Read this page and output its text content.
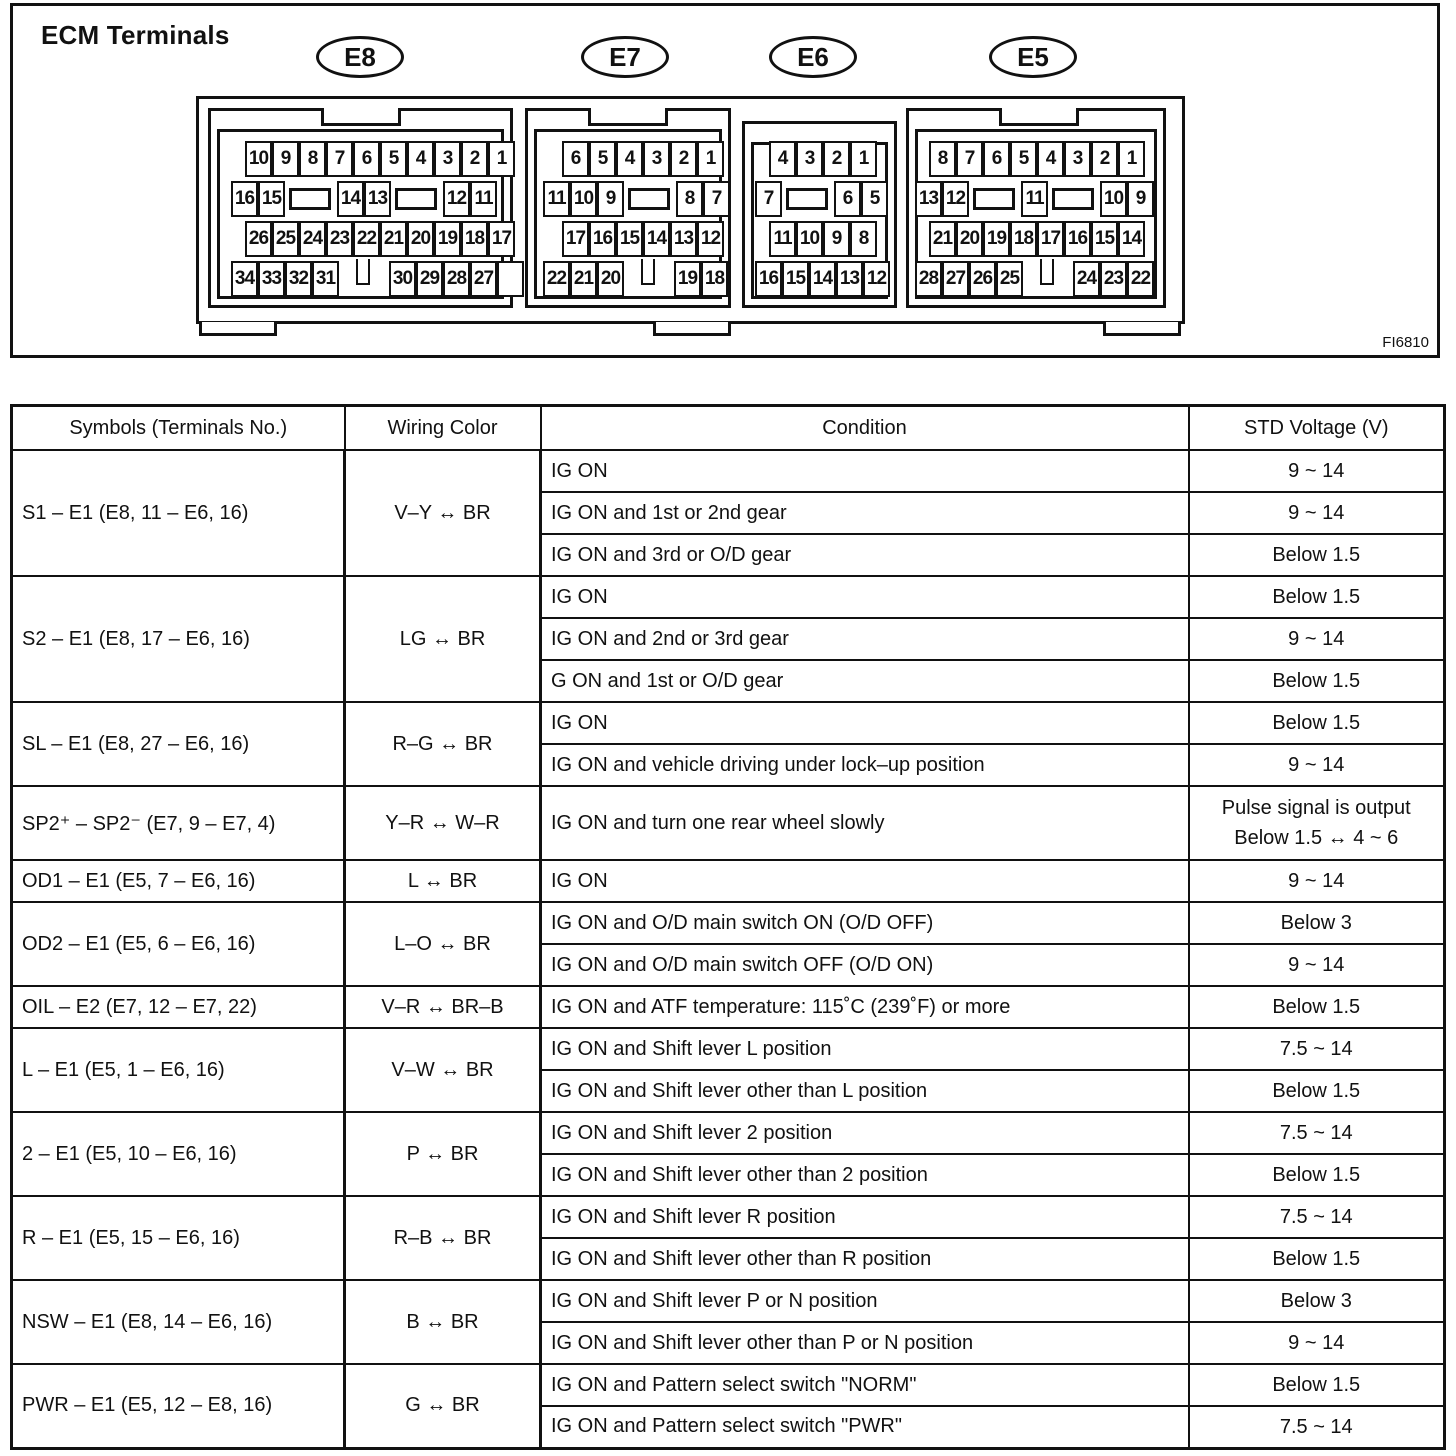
ECM Terminals
FI6810
E8	E7	E6	E5
10 9 8 7 6 5 4 3 2 1
16 15	14 13	12 11
26 25 24 23 22 21 20 19 18 17
34 33 32 31	30 29 28 27
6 5 4 3 2 1
11 10 9	8 7
17 16 15 14 13 12
22 21 20	19 18
4 3 2 1
7	6 5
11 10 9 8
16 15 14 13 12
8 7 6 5 4 3 2 1
13 12	11	10 9
21 20 19 18 17 16 15 14
28 27 26 25	24 23 22
Symbols (Terminals No.)	Wiring Color	Condition	STD Voltage (V)
S1 – E1 (E8, 11 – E6, 16)	V–Y ↔ BR	IG ON	9 ~ 14
		IG ON and 1st or 2nd gear	9 ~ 14
		IG ON and 3rd or O/D gear	Below 1.5
S2 – E1 (E8, 17 – E6, 16)	LG ↔ BR	IG ON	Below 1.5
		IG ON and 2nd or 3rd gear	9 ~ 14
		G ON and 1st or O/D gear	Below 1.5
SL – E1 (E8, 27 – E6, 16)	R–G ↔ BR	IG ON	Below 1.5
		IG ON and vehicle driving under lock–up position	9 ~ 14
SP2⁺ – SP2⁻ (E7, 9 – E7, 4)	Y–R ↔ W–R	IG ON and turn one rear wheel slowly	Pulse signal is output
Below 1.5 ↔ 4 ~ 6

OD1 – E1 (E5, 7 – E6, 16)	L ↔ BR	IG ON	9 ~ 14
OD2 – E1 (E5, 6 – E6, 16)	L–O ↔ BR	IG ON and O/D main switch ON (O/D OFF)	Below 3
		IG ON and O/D main switch OFF (O/D ON)	9 ~ 14
OIL – E2 (E7, 12 – E7, 22)	V–R ↔ BR–B	IG ON and ATF temperature: 115˚C (239˚F) or more	Below 1.5
L – E1 (E5, 1 – E6, 16)	V–W ↔ BR	IG ON and Shift lever L position	7.5 ~ 14
		IG ON and Shift lever other than L position	Below 1.5
2 – E1 (E5, 10 – E6, 16)	P ↔ BR	IG ON and Shift lever 2 position	7.5 ~ 14
		IG ON and Shift lever other than 2 position	Below 1.5
R – E1 (E5, 15 – E6, 16)	R–B ↔ BR	IG ON and Shift lever R position	7.5 ~ 14
		IG ON and Shift lever other than R position	Below 1.5
NSW – E1 (E8, 14 – E6, 16)	B ↔ BR	IG ON and Shift lever P or N position	Below 3
		IG ON and Shift lever other than P or N position	9 ~ 14
PWR – E1 (E5, 12 – E8, 16)	G ↔ BR	IG ON and Pattern select switch "NORM"	Below 1.5
		IG ON and Pattern select switch "PWR"	7.5 ~ 14
